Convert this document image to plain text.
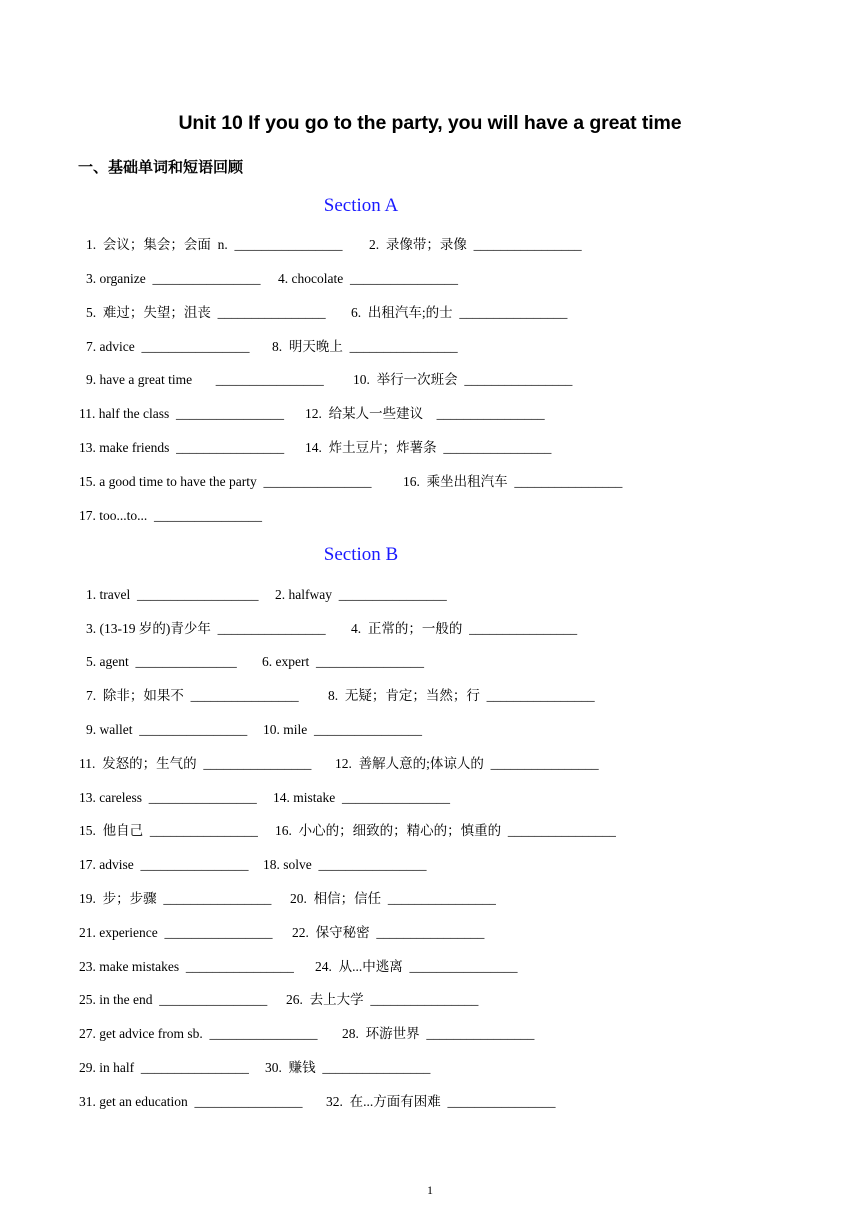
Unit 10 If you go to the party, you will have a great time
一、基础单词和短语回顾
Section A
1.  会议；集会；会面  n.  ________________ 2.  录像带；录像  ________________
3. organize  ________________ 4. chocolate  ________________
5.  难过；失望；沮丧  ________________ 6.  出租汽车;的士  ________________
7. advice  ________________ 8.  明天晚上  ________________
9. have a great time       ________________ 10.  举行一次班会  ________________
11. half the class  ________________ 12.  给某人一些建议    ________________
13. make friends  ________________ 14.  炸土豆片；炸薯条  ________________
15. a good time to have the party  ________________ 16.  乘坐出租汽车  ________________
17. too...to...  ________________
Section B
1. travel  __________________ 2. halfway  ________________
3. (13-19 岁的)青少年  ________________ 4.  正常的；一般的  ________________
5. agent  _______________ 6. expert  ________________
7.  除非；如果不  ________________ 8.  无疑；肯定；当然；行  ________________
9. wallet  ________________ 10. mile  ________________
11.  发怒的；生气的  ________________ 12.  善解人意的;体谅人的  ________________
13. careless  ________________ 14. mistake  ________________
15.  他自己  ________________ 16.  小心的；细致的；精心的；慎重的  ________________
17. advise  ________________ 18. solve  ________________
19.  步；步骤  ________________ 20.  相信；信任  ________________
21. experience  ________________ 22.  保守秘密  ________________
23. make mistakes  ________________ 24.  从...中逃离  ________________
25. in the end  ________________ 26.  去上大学  ________________
27. get advice from sb.  ________________ 28.  环游世界  ________________
29. in half  ________________ 30.  赚钱  ________________
31. get an education  ________________ 32.  在...方面有困难  ________________
1
